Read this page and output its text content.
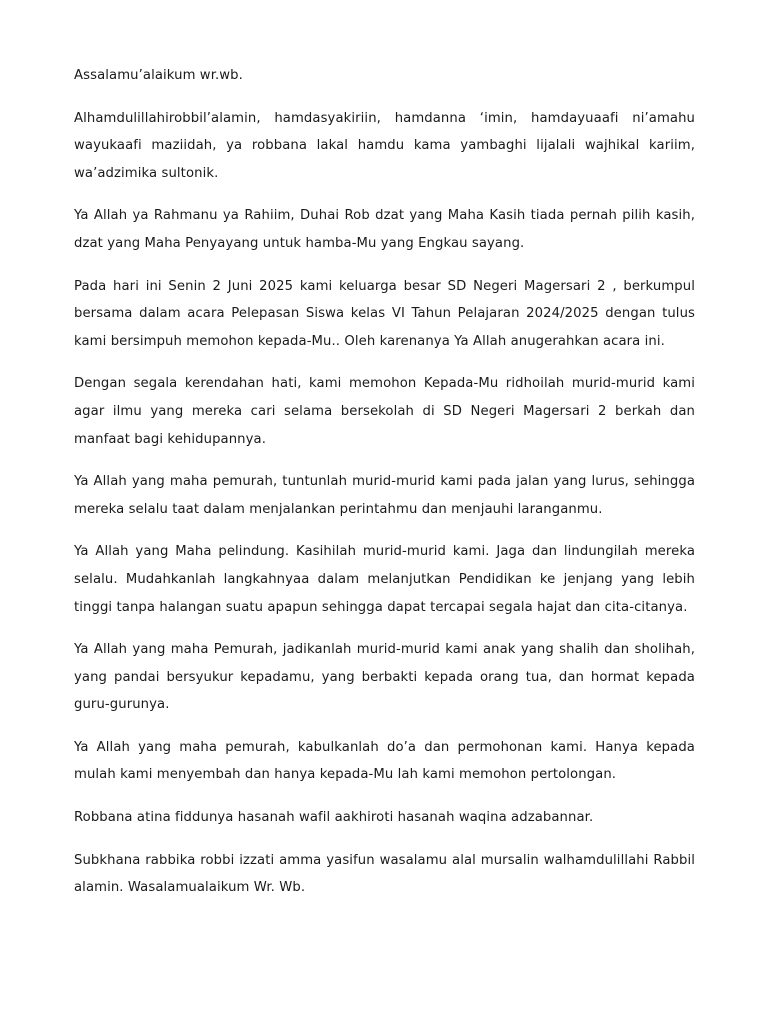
Assalamu’alaikum wr.wb.

Alhamdulillahirobbil’alamin, hamdasyakiriin, hamdanna ‘imin, hamdayuaafi ni’amahu wayukaafi maziidah, ya robbana lakal hamdu kama yambaghi lijalali wajhikal kariim, wa’adzimika sultonik.

Ya Allah ya Rahmanu ya Rahiim, Duhai Rob dzat yang Maha Kasih tiada pernah pilih kasih, dzat yang Maha Penyayang untuk hamba-Mu yang Engkau sayang.

Pada hari ini Senin 2 Juni 2025 kami keluarga besar SD Negeri Magersari 2 , berkumpul bersama dalam acara Pelepasan Siswa kelas VI Tahun Pelajaran 2024/2025 dengan tulus kami bersimpuh memohon kepada-Mu.. Oleh karenanya Ya Allah anugerahkan acara ini.

Dengan segala kerendahan hati, kami memohon Kepada-Mu ridhoilah murid-murid kami agar ilmu yang mereka cari selama bersekolah di SD Negeri Magersari 2 berkah dan manfaat bagi kehidupannya.

Ya Allah yang maha pemurah, tuntunlah murid-murid kami pada jalan yang lurus, sehingga mereka selalu taat dalam menjalankan perintahmu dan menjauhi laranganmu.

Ya Allah yang Maha pelindung. Kasihilah murid-murid kami. Jaga dan lindungilah mereka selalu. Mudahkanlah langkahnyaa dalam melanjutkan Pendidikan ke jenjang yang lebih tinggi tanpa halangan suatu apapun sehingga dapat tercapai segala hajat dan cita-citanya.

Ya Allah yang maha Pemurah, jadikanlah murid-murid kami anak yang shalih dan sholihah, yang pandai bersyukur kepadamu, yang berbakti kepada orang tua, dan hormat kepada guru-gurunya.

Ya Allah yang maha pemurah, kabulkanlah do’a dan permohonan kami. Hanya kepada mulah kami menyembah dan hanya kepada-Mu lah kami memohon pertolongan.

Robbana atina fiddunya hasanah wafil aakhiroti hasanah waqina adzabannar.

Subkhana rabbika robbi izzati amma yasifun wasalamu alal mursalin walhamdulillahi Rabbil alamin. Wasalamualaikum Wr. Wb.
